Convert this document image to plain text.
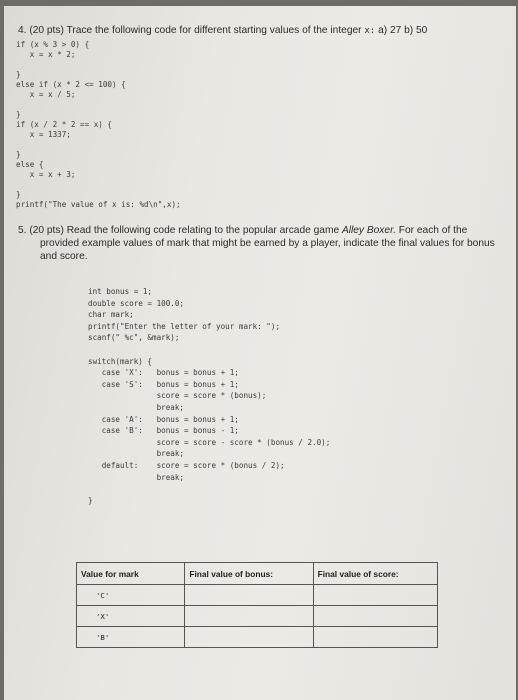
4. (20 pts) Trace the following code for different starting values of the integer x: a) 27 b) 50
if (x % 3 > 0) {
x = x * 2;

}
else if (x * 2 <= 100) {
x = x / 5;

}
if (x / 2 * 2 == x) {
x = 1337;

}
else {
x = x + 3;

}
printf("The value of x is: %d\n",x);
5. (20 pts) Read the following code relating to the popular arcade game Alley Boxer. For each of the
provided example values of mark that might be earned by a player, indicate the final values for bonus
and score.
int bonus = 1;
double score = 100.0;
char mark;
printf("Enter the letter of your mark: ");
scanf(" %c", &mark);

switch(mark) {
case 'X':   bonus = bonus + 1;
case 'S':   bonus = bonus + 1;
score = score * (bonus);
break;
case 'A':   bonus = bonus + 1;
case 'B':   bonus = bonus - 1;
score = score - score * (bonus / 2.0);
break;
default:    score = score * (bonus / 2);
break;

}
Value for mark	Final value of bonus:	Final value of score:
'C'		
'X'		
'B'		
